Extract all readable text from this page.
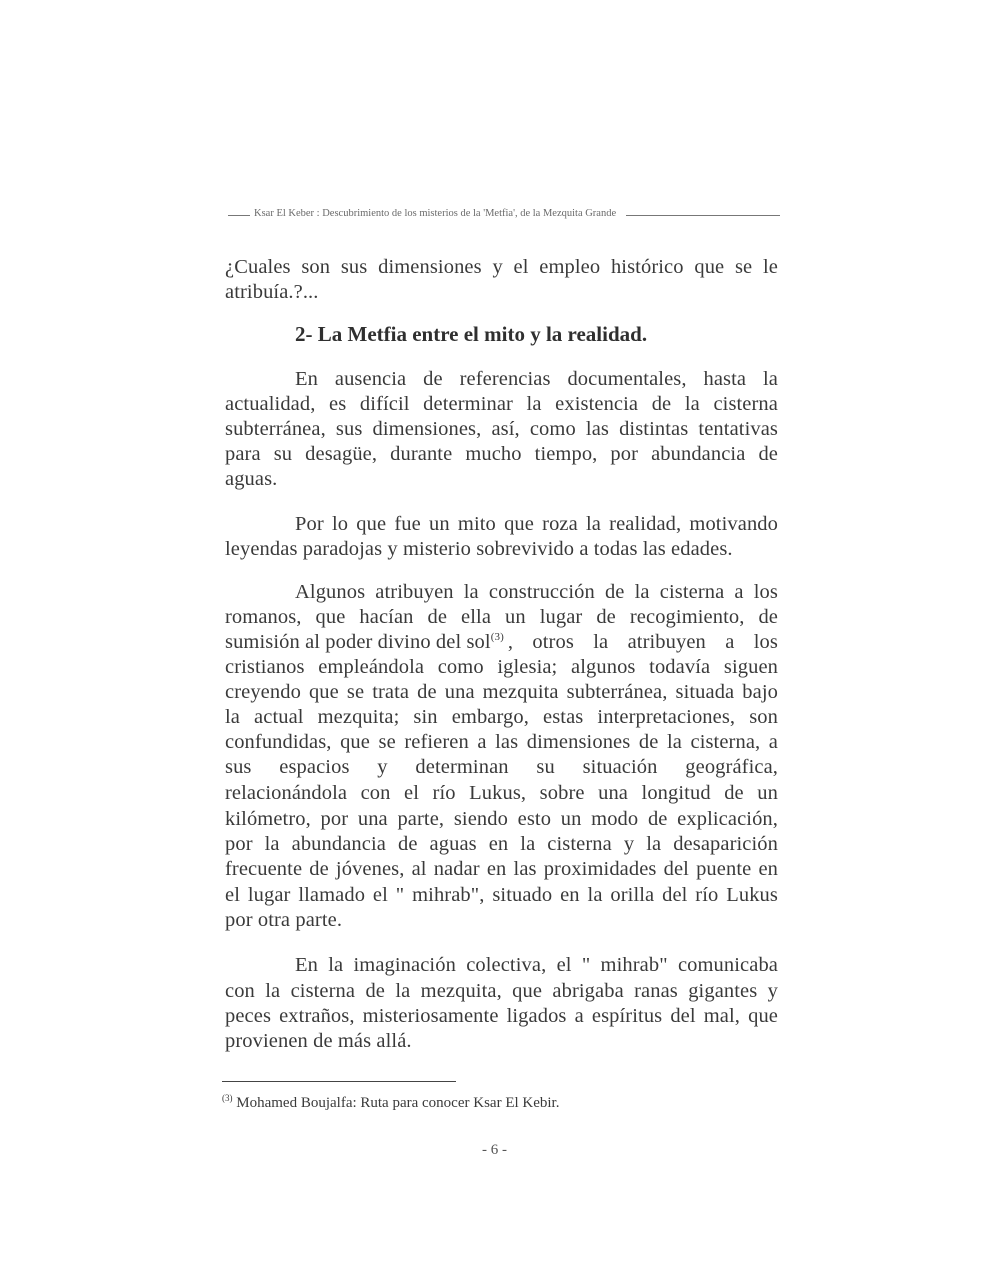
Ksar El Keber : Descubrimiento de los misterios de la 'Metfia', de la Mezquita Grande
¿Cuales son sus dimensiones y el empleo histórico que se le
atribuía.?...
2- La Metfia entre el mito y la realidad.
En ausencia de referencias documentales, hasta la
actualidad, es difícil determinar la existencia de la cisterna
subterránea, sus dimensiones, así, como las distintas tentativas
para su desagüe, durante mucho tiempo, por abundancia de
aguas.
Por lo que fue un mito que roza la realidad, motivando
leyendas paradojas y misterio sobrevivido a todas las edades.
Algunos atribuyen la construcción de la cisterna a los
romanos, que hacían de ella un lugar de recogimiento, de
sumisión al poder divino del sol$^{(3)}$ , otros la atribuyen a los
cristianos empleándola como iglesia; algunos todavía siguen
creyendo que se trata de una mezquita subterránea, situada bajo
la actual mezquita; sin embargo, estas interpretaciones, son
confundidas, que se refieren a las dimensiones de la cisterna, a
sus espacios y determinan su situación geográfica,
relacionándola con el río Lukus, sobre una longitud de un
kilómetro, por una parte, siendo esto un modo de explicación,
por la abundancia de aguas en la cisterna y la desaparición
frecuente de jóvenes, al nadar en las proximidades del puente en
el lugar llamado el " mihrab", situado en la orilla del río Lukus
por otra parte.
En la imaginación colectiva, el " mihrab" comunicaba
con la cisterna de la mezquita, que abrigaba ranas gigantes y
peces extraños, misteriosamente ligados a espíritus del mal, que
provienen de más allá.
$^{(3)}$ Mohamed Boujalfa: Ruta para conocer Ksar El Kebir.
- 6 -
